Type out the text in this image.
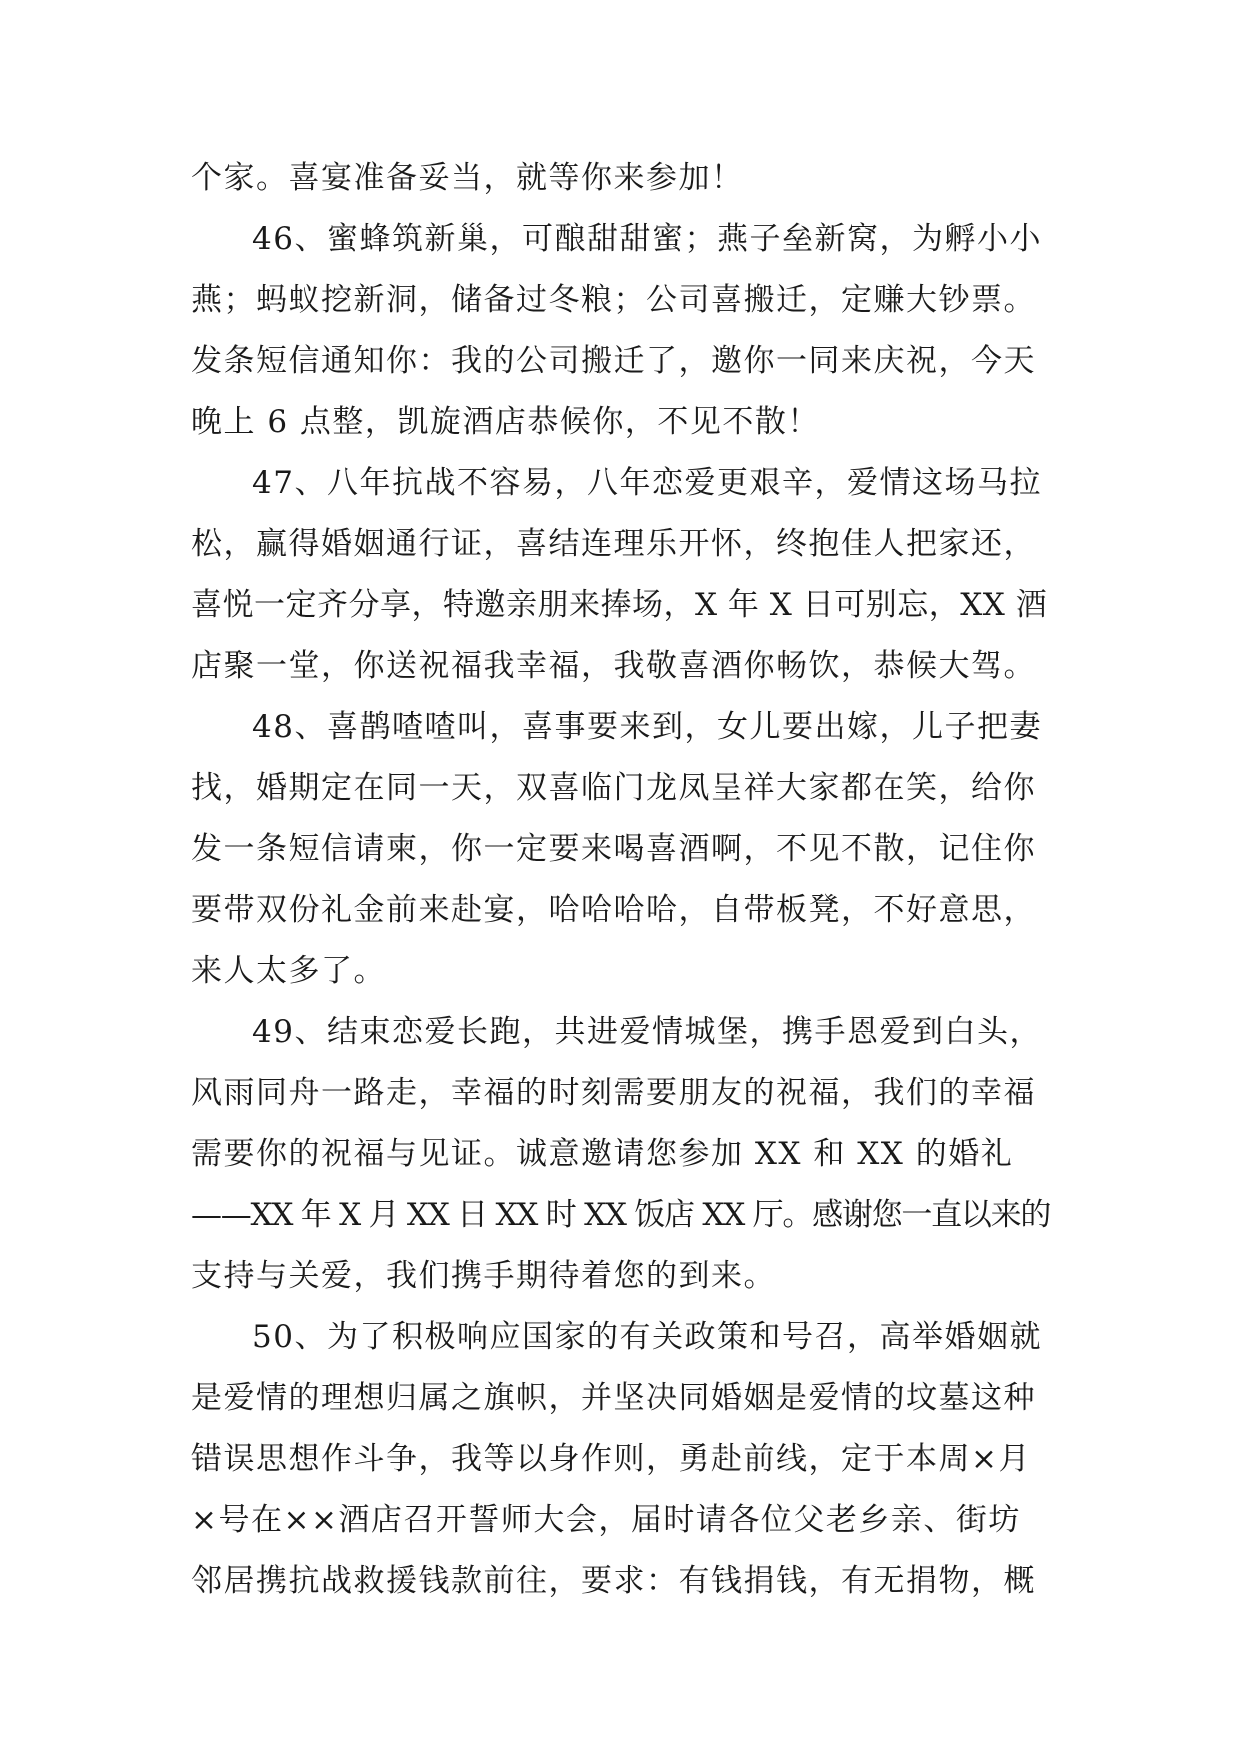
个家。喜宴准备妥当，就等你来参加！
46、蜜蜂筑新巢，可酿甜甜蜜；燕子垒新窝，为孵小小
燕；蚂蚁挖新洞，储备过冬粮；公司喜搬迁，定赚大钞票。
发条短信通知你：我的公司搬迁了，邀你一同来庆祝，今天
晚上 6 点整，凯旋酒店恭候你，不见不散！
47、八年抗战不容易，八年恋爱更艰辛，爱情这场马拉
松，赢得婚姻通行证，喜结连理乐开怀，终抱佳人把家还，
喜悦一定齐分享，特邀亲朋来捧场，X 年 X 日可别忘，XX 酒
店聚一堂，你送祝福我幸福，我敬喜酒你畅饮，恭候大驾。
48、喜鹊喳喳叫，喜事要来到，女儿要出嫁，儿子把妻
找，婚期定在同一天，双喜临门龙凤呈祥大家都在笑，给你
发一条短信请柬，你一定要来喝喜酒啊，不见不散，记住你
要带双份礼金前来赴宴，哈哈哈哈，自带板凳，不好意思，
来人太多了。
49、结束恋爱长跑，共进爱情城堡，携手恩爱到白头，
风雨同舟一路走，幸福的时刻需要朋友的祝福，我们的幸福
需要你的祝福与见证。诚意邀请您参加 XX 和 XX 的婚礼
——XX 年 X 月 XX 日 XX 时 XX 饭店 XX 厅。感谢您一直以来的
支持与关爱，我们携手期待着您的到来。
50、为了积极响应国家的有关政策和号召，高举婚姻就
是爱情的理想归属之旗帜，并坚决同婚姻是爱情的坟墓这种
错误思想作斗争，我等以身作则，勇赴前线，定于本周×月
×号在××酒店召开誓师大会，届时请各位父老乡亲、街坊
邻居携抗战救援钱款前往，要求：有钱捐钱，有无捐物，概
